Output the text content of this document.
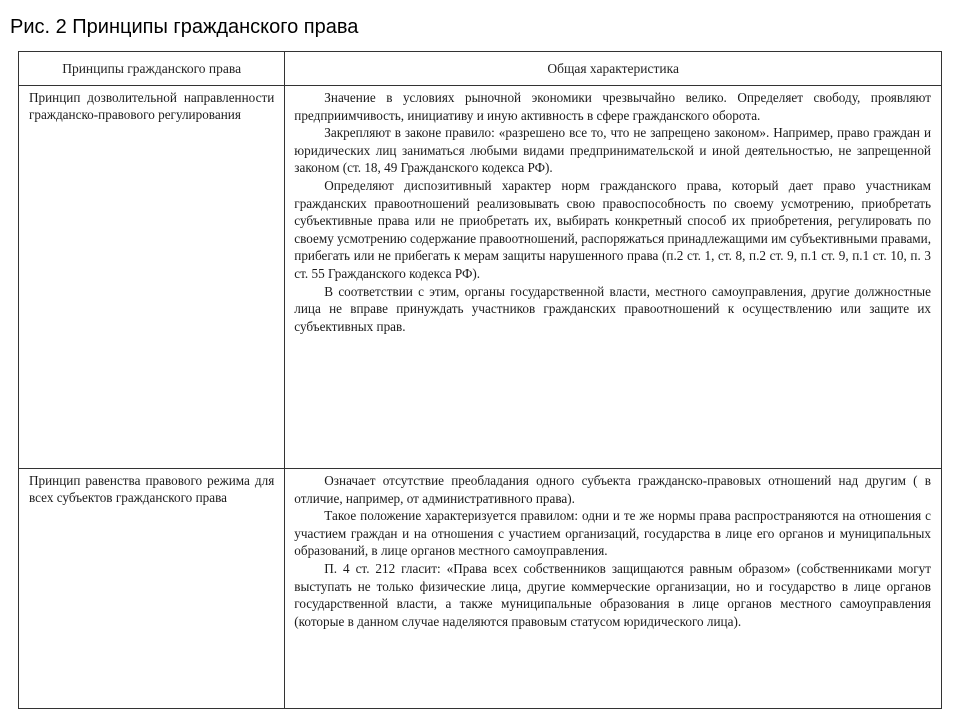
Рис. 2 Принципы гражданского права
Принципы гражданского права	Общая характеристика

Принцип дозволительной направленности гражданско-правового регулирования	Значение в условиях рыночной экономики чрезвычайно велико. Определяет свободу, проявляют предприимчивость, инициативу и иную активность в сфере гражданского оборота.

Закрепляют в законе правило: «разрешено все то, что не запрещено законом». Например, право граждан и юридических лиц заниматься любыми видами предпринимательской и иной деятельностью, не запрещенной законом (ст. 18, 49 Гражданского кодекса РФ).

Определяют диспозитивный характер норм гражданского права, который дает право участникам гражданских правоотношений реализовывать свою правоспособность по своему усмотрению, приобретать субъективные права или не приобретать их, выбирать конкретный способ их приобретения, регулировать по своему усмотрению содержание правоотношений, распоряжаться принадлежащими им субъективными правами, прибегать или не прибегать к мерам защиты нарушенного права (п.2 ст. 1, ст. 8, п.2 ст. 9, п.1 ст. 9, п.1 ст. 10, п. 3 ст. 55 Гражданского кодекса РФ).

В соответствии с этим, органы государственной власти, местного самоуправления, другие должностные лица не вправе принуждать участников гражданских правоотношений к осуществлению или защите их субъективных прав.

Принцип равенства правового режима для всех субъектов гражданского права	Означает отсутствие преобладания одного субъекта гражданско-правовых отношений над другим ( в отличие, например, от административного права).

Такое положение характеризуется правилом: одни и те же нормы права распространяются на отношения с участием граждан и на отношения с участием организаций, государства в лице его органов и муниципальных образований, в лице органов местного самоуправления.

П. 4 ст. 212 гласит: «Права всех собственников защищаются равным образом» (собственниками могут выступать не только физические лица, другие коммерческие организации, но и государство в лице органов государственной власти, а также муниципальные образования в лице органов местного самоуправления (которые в данном случае наделяются правовым статусом юридического лица).
